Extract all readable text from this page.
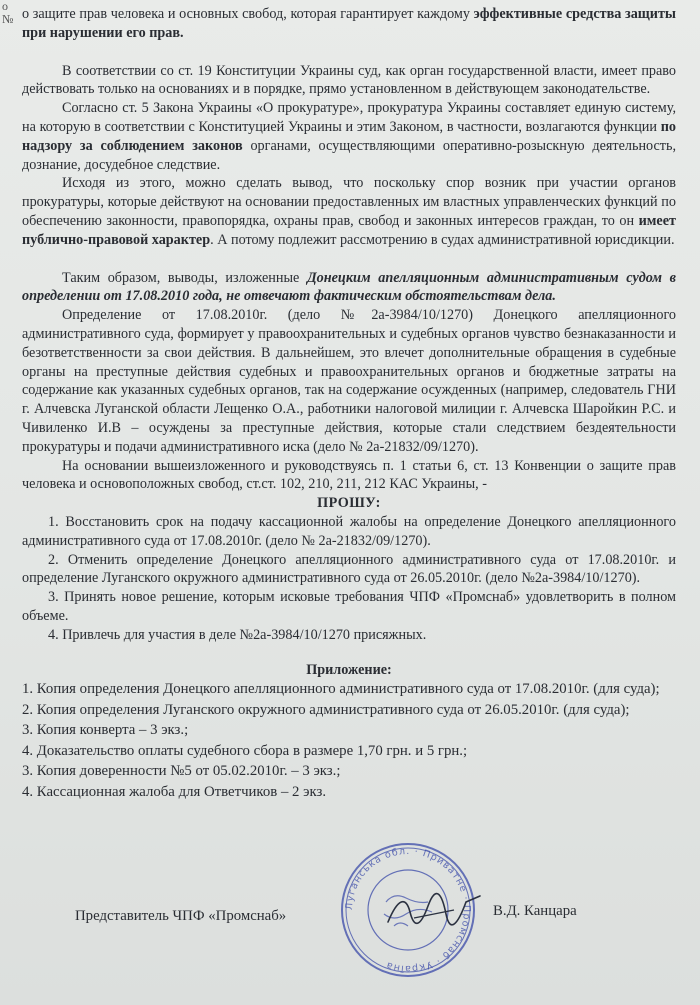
о
№ о защите прав человека и основных свобод, которая гарантирует каждому эффективные средства защиты при нарушении его прав.

В соответствии со ст. 19 Конституции Украины суд, как орган государственной власти, имеет право действовать только на основаниях и в порядке, прямо установленном в действующем законодательстве.

Согласно ст. 5 Закона Украины «О прокуратуре», прокуратура Украины составляет единую систему, на которую в соответствии с Конституцией Украины и этим Законом, в частности, возлагаются функции по надзору за соблюдением законов органами, осуществляющими оперативно-розыскную деятельность, дознание, досудебное следствие.

Исходя из этого, можно сделать вывод, что поскольку спор возник при участии органов прокуратуры, которые действуют на основании предоставленных им властных управленческих функций по обеспечению законности, правопорядка, охраны прав, свобод и законных интересов граждан, то он имеет публично-правовой характер. А потому подлежит рассмотрению в судах административной юрисдикции.

Таким образом, выводы, изложенные Донецким апелляционным административным судом в определении от 17.08.2010 года, не отвечают фактическим обстоятельствам дела.

Определение от 17.08.2010г. (дело №2а-3984/10/1270) Донецкого апелляционного административного суда, формирует у правоохранительных и судебных органов чувство безнаказанности и безответственности за свои действия. В дальнейшем, это влечет дополнительные обращения в судебные органы на преступные действия судебных и правоохранительных органов и бюджетные затраты на содержание как указанных судебных органов, так на содержание осужденных (например, следователь ГНИ г. Алчевска Луганской области Лещенко О.А., работники налоговой милиции г. Алчевска Шаройкин Р.С. и Чивиленко И.В – осуждены за преступные действия, которые стали следствием бездеятельности прокуратуры и подачи административного иска (дело № 2а-21832/09/1270).

На основании вышеизложенного и руководствуясь п. 1 статьи 6, ст. 13 Конвенции о защите прав человека и основоположных свобод, ст.ст. 102, 210, 211, 212 КАС Украины, -

ПРОШУ:
1. Восстановить срок на подачу кассационной жалобы на определение Донецкого апелляционного административного суда от 17.08.2010г. (дело № 2а-21832/09/1270).
2. Отменить определение Донецкого апелляционного административного суда от 17.08.2010г. и определение Луганского окружного административного суда от 26.05.2010г. (дело №2а-3984/10/1270).
3. Принять новое решение, которым исковые требования ЧПФ «Промснаб» удовлетворить в полном объеме.
4. Привлечь для участия в деле №2а-3984/10/1270 присяжных.
Приложение:
1. Копия определения Донецкого апелляционного административного суда от 17.08.2010г. (для суда);
2. Копия определения Луганского окружного административного суда от 26.05.2010г. (для суда);
3. Копия конверта – 3 экз.;
4. Доказательство оплаты судебного сбора в размере 1,70 грн. и 5 грн.;
3. Копия доверенности №5 от 05.02.2010г. – 3 экз.;
4. Кассационная жалоба для Ответчиков – 2 экз.
Луганська обл. · Приватне · Промснаб · Україна
Представитель ЧПФ «Промснаб»	В.Д. Канцара
